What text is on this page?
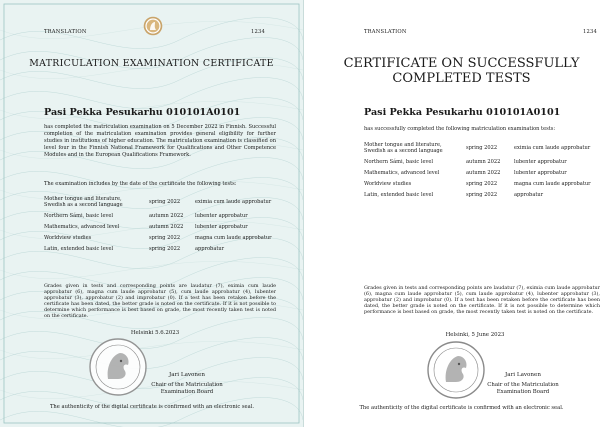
TRANSLATION	1234
MATRICULATION EXAMINATION CERTIFICATE
Pasi Pekka Pesukarhu 010101A0101
has completed the matriculation examination on 5 December 2022 in Finnish. Successful completion of the matriculation examination provides general eligibility for further studies in institutions of higher education. The matriculation examination is classified on level four in the Finnish National Framework for Qualifications and Other Competence Modules and in the European Qualifications Framework.
The examination includes by the date of the certificate the following tests:
Mother tongue and literature,
Swedish as a second language
spring 2022	eximia cum laude approbatur
Northern Sámi, basic level	autumn 2022 lubenter approbatur
Mathematics, advanced level	autumn 2022 lubenter approbatur
Worldview studies	spring 2022	magna cum laude approbatur
Latin, extended basic level	spring 2022	approbatur
Grades given in tests and corresponding points are laudatur (7), eximia cum laude approbatur (6), magna cum laude approbatur (5), cum laude approbatur (4), lubenter approbatur (3), approbatur (2) and improbatur (0). If a test has been retaken before the certificate has been dated, the better grade is noted on the certificate. If it is not possible to determine which performance is best based on grade, the most recently taken test is noted on the certificate.
Helsinki 5.6.2023
Jari Lavonen
Chair of the Matriculation
Examination Board
The authenticity of the digital certificate is confirmed with an electronic seal.
TRANSLATION	1234
CERTIFICATE ON SUCCESSFULLY
COMPLETED TESTS
Pasi Pekka Pesukarhu 010101A0101
has successfully completed the following matriculation examination tests:
Mother tongue and literature,
Swedish as a second language
spring 2022	eximia cum laude approbatur
Northern Sámi, basic level	autumn 2022	lubenter approbatur
Mathematics, advanced level	autumn 2022	lubenter approbatur
Worldview studies	spring 2022	magna cum laude approbatur
Latin, extended basic level	spring 2022	approbatur
Grades given in tests and corresponding points are laudatur (7), eximia cum laude approbatur (6), magna cum laude approbatur (5), cum laude approbatur (4), lubenter approbatur (3), approbatur (2) and improbatur (0). If a test has been retaken before the certificate has been dated, the better grade is noted on the certificate. If it is not possible to determine which performance is best based on grade, the most recently taken test is noted on the certificate.
Helsinki, 5 June 2023
Jari Lavonen
Chair of the Matriculation
Examination Board
The authenticity of the digital certificate is confirmed with an electronic seal.
